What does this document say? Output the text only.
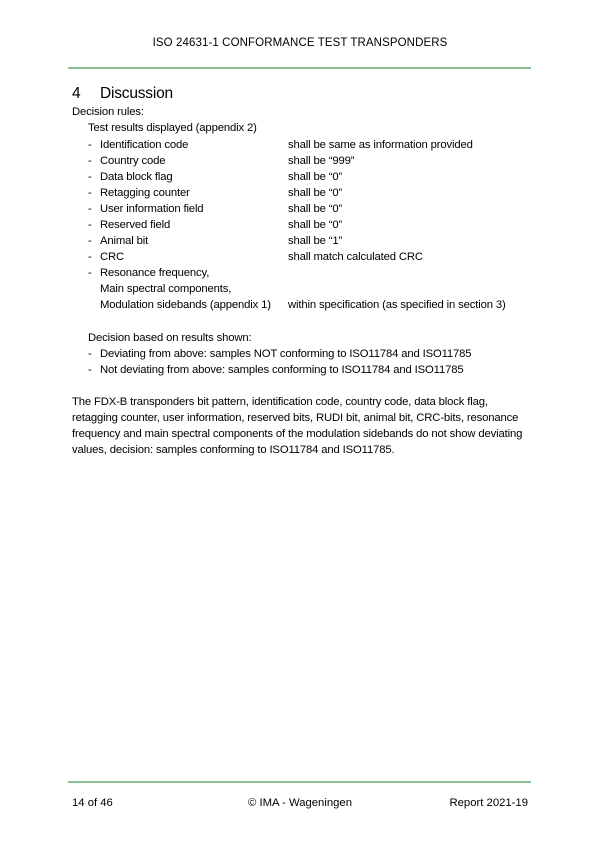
ISO 24631-1 CONFORMANCE TEST TRANSPONDERS
4 Discussion
Decision rules:
Test results displayed (appendix 2)
- Identification code	shall be same as information provided
- Country code	shall be “999”
- Data block flag	shall be “0”
- Retagging counter	shall be “0”
- User information field	shall be “0”
- Reserved field	shall be “0”
- Animal bit	shall be “1”
- CRC	shall match calculated CRC
- Resonance frequency,
Main spectral components,
Modulation sidebands (appendix 1) within specification (as specified in section 3)
Decision based on results shown:
- Deviating from above: samples NOT conforming to ISO11784 and ISO11785
- Not deviating from above: samples conforming to ISO11784 and ISO11785
The FDX-B transponders bit pattern, identification code, country code, data block flag, retagging counter, user information, reserved bits, RUDI bit, animal bit, CRC-bits, resonance frequency and main spectral components of the modulation sidebands do not show deviating values, decision: samples conforming to ISO11784 and ISO11785.
© IMA - Wageningen
14 of 46	Report 2021-19
